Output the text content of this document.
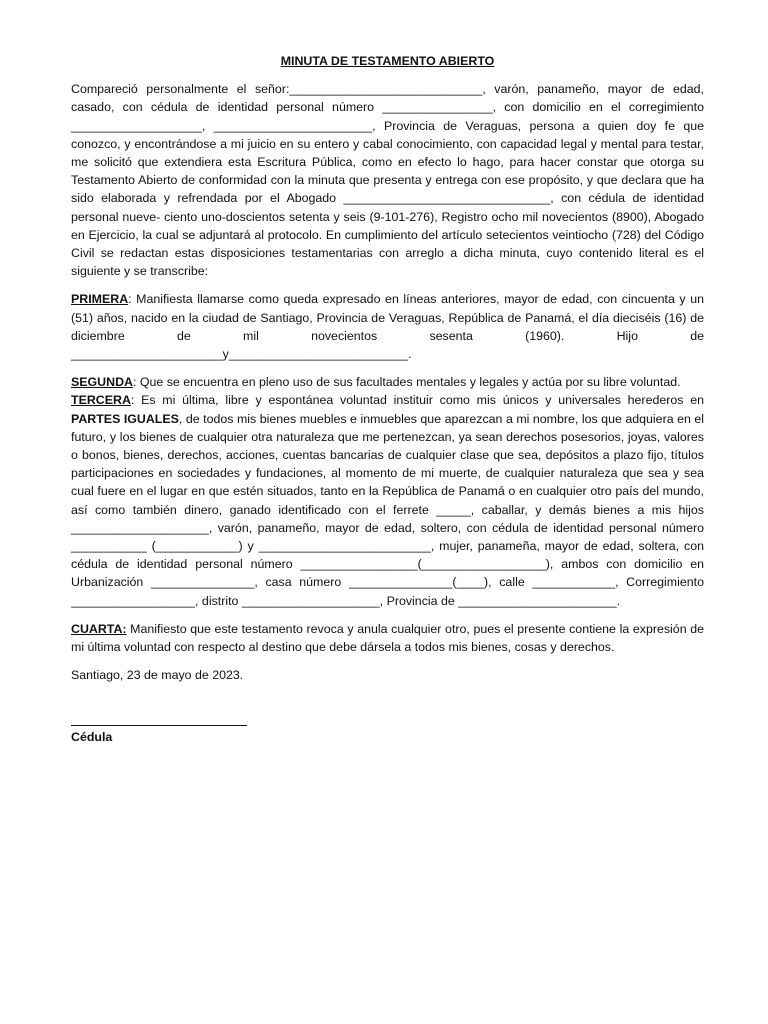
MINUTA DE TESTAMENTO ABIERTO

Compareció personalmente el señor:____________________________, varón, panameño, mayor de edad, casado, con cédula de identidad personal número ________________, con domicilio en el corregimiento ___________________, _______________________, Provincia de Veraguas, persona a quien doy fe que conozco, y encontrándose a mi juicio en su entero y cabal conocimiento, con capacidad legal y mental para testar, me solicitó que extendiera esta Escritura Pública, como en efecto lo hago, para hacer constar que otorga su Testamento Abierto de conformidad con la minuta que presenta y entrega con ese propósito, y que declara que ha sido elaborada y refrendada por el Abogado ______________________________, con cédula de identidad personal nueve- ciento uno-doscientos setenta y seis (9-101-276), Registro ocho mil novecientos (8900), Abogado en Ejercicio, la cual se adjuntará al protocolo. En cumplimiento del artículo setecientos veintiocho (728) del Código Civil se redactan estas disposiciones testamentarias con arreglo a dicha minuta, cuyo contenido literal es el siguiente y se transcribe:

PRIMERA: Manifiesta llamarse como queda expresado en líneas anteriores, mayor de edad, con cincuenta y un (51) años, nacido en la ciudad de Santiago, Provincia de Veraguas, República de Panamá, el día dieciséis (16) de diciembre de mil novecientos sesenta (1960). Hijo de ______________________y__________________________.

SEGUNDA: Que se encuentra en pleno uso de sus facultades mentales y legales y actúa por su libre voluntad.

TERCERA: Es mi última, libre y espontánea voluntad instituir como mis únicos y universales herederos en PARTES IGUALES, de todos mis bienes muebles e inmuebles que aparezcan a mi nombre, los que adquiera en el futuro, y los bienes de cualquier otra naturaleza que me pertenezcan, ya sean derechos posesorios, joyas, valores o bonos, bienes, derechos, acciones, cuentas bancarias de cualquier clase que sea, depósitos a plazo fijo, títulos participaciones en sociedades y fundaciones, al momento de mi muerte, de cualquier naturaleza que sea y sea cual fuere en el lugar en que estén situados, tanto en la República de Panamá o en cualquier otro país del mundo, así como también dinero, ganado identificado con el ferrete _____, caballar, y demás bienes a mis hijos ____________________, varón, panameño, mayor de edad, soltero, con cédula de identidad personal número ___________ (____________) y _________________________, mujer, panameña, mayor de edad, soltera, con cédula de identidad personal número _________________(__________________), ambos con domicilio en Urbanización _______________, casa número _______________(____), calle ____________, Corregimiento __________________, distrito ____________________, Provincia de _______________________.

CUARTA: Manifiesto que este testamento revoca y anula cualquier otro, pues el presente contiene la expresión de mi última voluntad con respecto al destino que debe dársela a todos mis bienes, cosas y derechos.

Santiago, 23 de mayo de 2023.

Cédula
